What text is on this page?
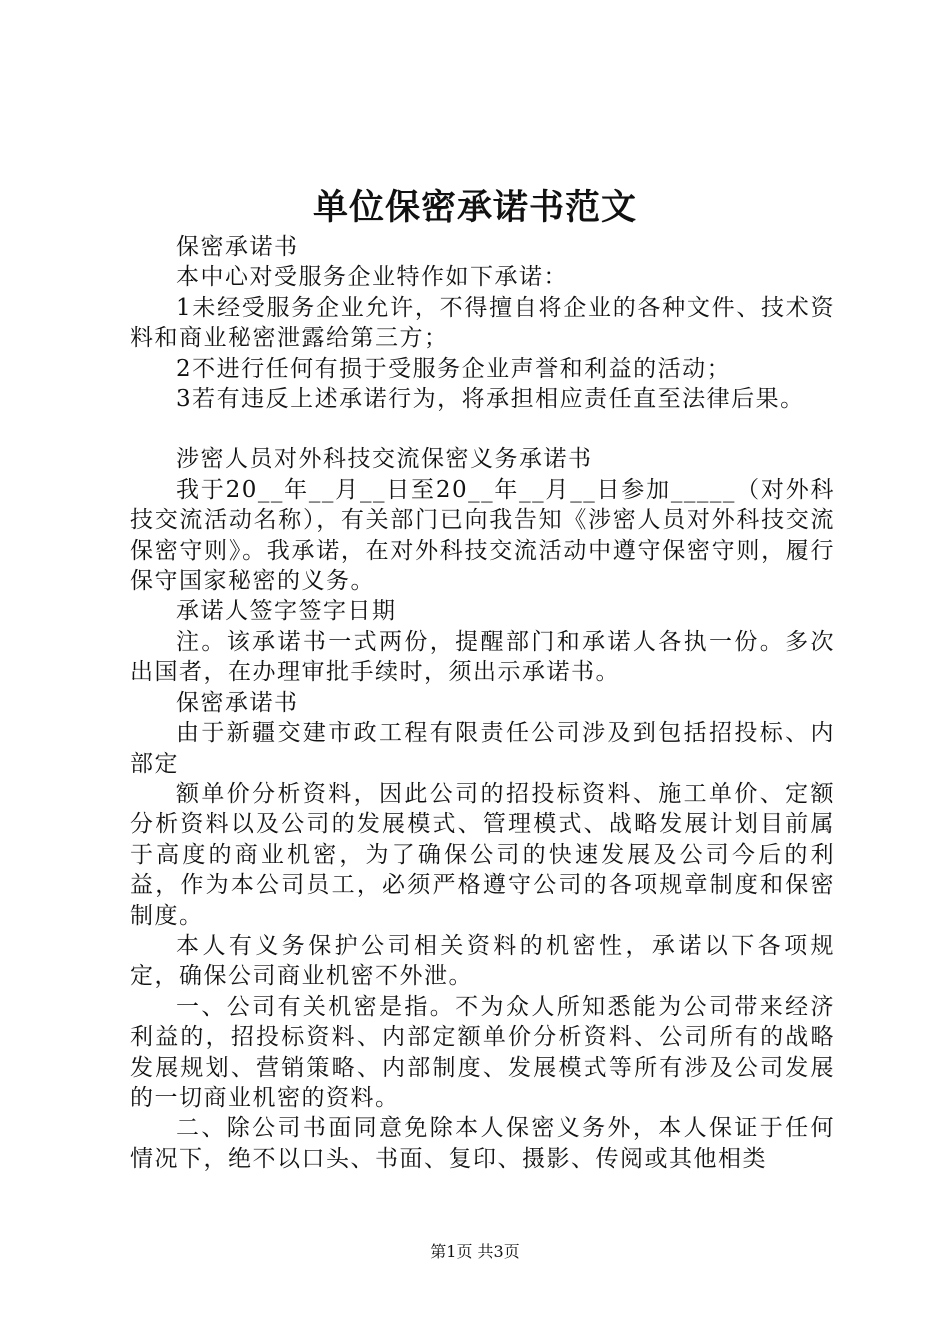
单位保密承诺书范文

保密承诺书

本中心对受服务企业特作如下承诺：

1未经受服务企业允许，不得擅自将企业的各种文件、技术资料和商业秘密泄露给第三方；

2不进行任何有损于受服务企业声誉和利益的活动；

3若有违反上述承诺行为，将承担相应责任直至法律后果。

涉密人员对外科技交流保密义务承诺书

我于20__年__月__日至20__年__月__日参加_____（对外科技交流活动名称），有关部门已向我告知《涉密人员对外科技交流保密守则》。我承诺，在对外科技交流活动中遵守保密守则，履行保守国家秘密的义务。

承诺人签字签字日期

注。该承诺书一式两份，提醒部门和承诺人各执一份。多次出国者，在办理审批手续时，须出示承诺书。

保密承诺书

由于新疆交建市政工程有限责任公司涉及到包括招投标、内部定

额单价分析资料，因此公司的招投标资料、施工单价、定额分析资料以及公司的发展模式、管理模式、战略发展计划目前属于高度的商业机密，为了确保公司的快速发展及公司今后的利益，作为本公司员工，必须严格遵守公司的各项规章制度和保密制度。

本人有义务保护公司相关资料的机密性，承诺以下各项规定，确保公司商业机密不外泄。

一、公司有关机密是指。不为众人所知悉能为公司带来经济利益的，招投标资料、内部定额单价分析资料、公司所有的战略发展规划、营销策略、内部制度、发展模式等所有涉及公司发展的一切商业机密的资料。

二、除公司书面同意免除本人保密义务外，本人保证于任何情况下，绝不以口头、书面、复印、摄影、传阅或其他相类

第1页 共3页
